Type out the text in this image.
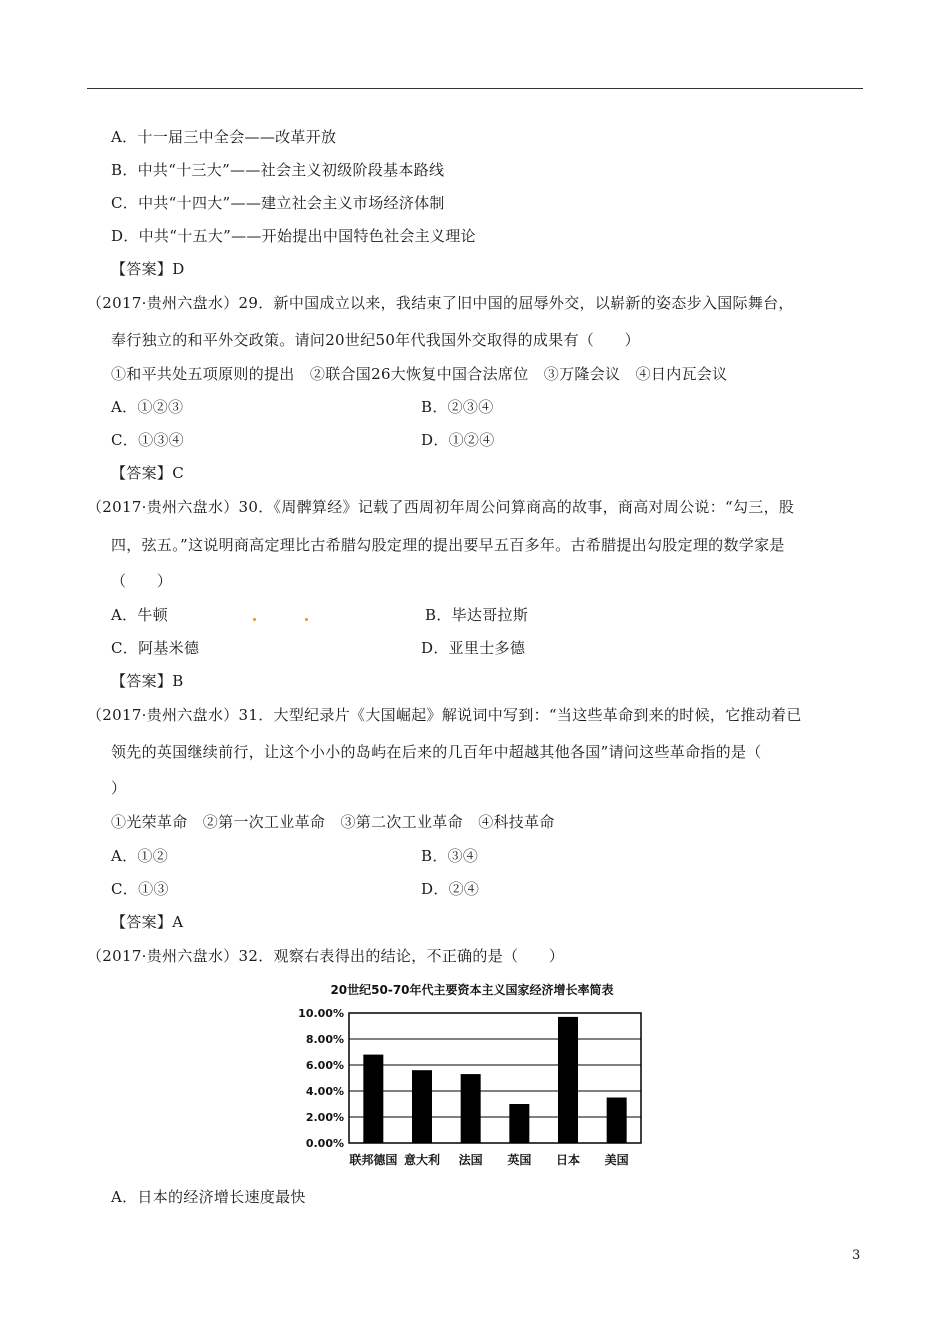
A．十一届三中全会——改革开放
B．中共“十三大”——社会主义初级阶段基本路线
C．中共“十四大”——建立社会主义市场经济体制
D．中共“十五大”——开始提出中国特色社会主义理论
【答案】D
（2017·贵州六盘水）29．新中国成立以来，我结束了旧中国的屈辱外交，以崭新的姿态步入国际舞台，
奉行独立的和平外交政策。请问20世纪50年代我国外交取得的成果有（　　）
①和平共处五项原则的提出　②联合国26大恢复中国合法席位　③万隆会议　④日内瓦会议
A．①②③	B．②③④
C．①③④	D．①②④
【答案】C
（2017·贵州六盘水）30．《周髀算经》记载了西周初年周公问算商高的故事，商高对周公说：“勾三，股
四，弦五。”这说明商高定理比古希腊勾股定理的提出要早五百多年。古希腊提出勾股定理的数学家是
（　　）
A．牛顿	B．毕达哥拉斯
C．阿基米德	D．亚里士多德
【答案】B
（2017·贵州六盘水）31．大型纪录片《大国崛起》解说词中写到：“当这些革命到来的时候，它推动着已
领先的英国继续前行，让这个小小的岛屿在后来的几百年中超越其他各国”请问这些革命指的是（
）
①光荣革命　②第一次工业革命　③第二次工业革命　④科技革命
A．①②	B．③④
C．①③	D．②④
【答案】A
（2017·贵州六盘水）32．观察右表得出的结论，不正确的是（　　）
20世纪50-70年代主要资本主义国家经济增长率简表
0.00%
2.00%
4.00%
6.00%
8.00%
10.00%
联邦德国 意大利 法国 英国 日本 美国
A．日本的经济增长速度最快
3
